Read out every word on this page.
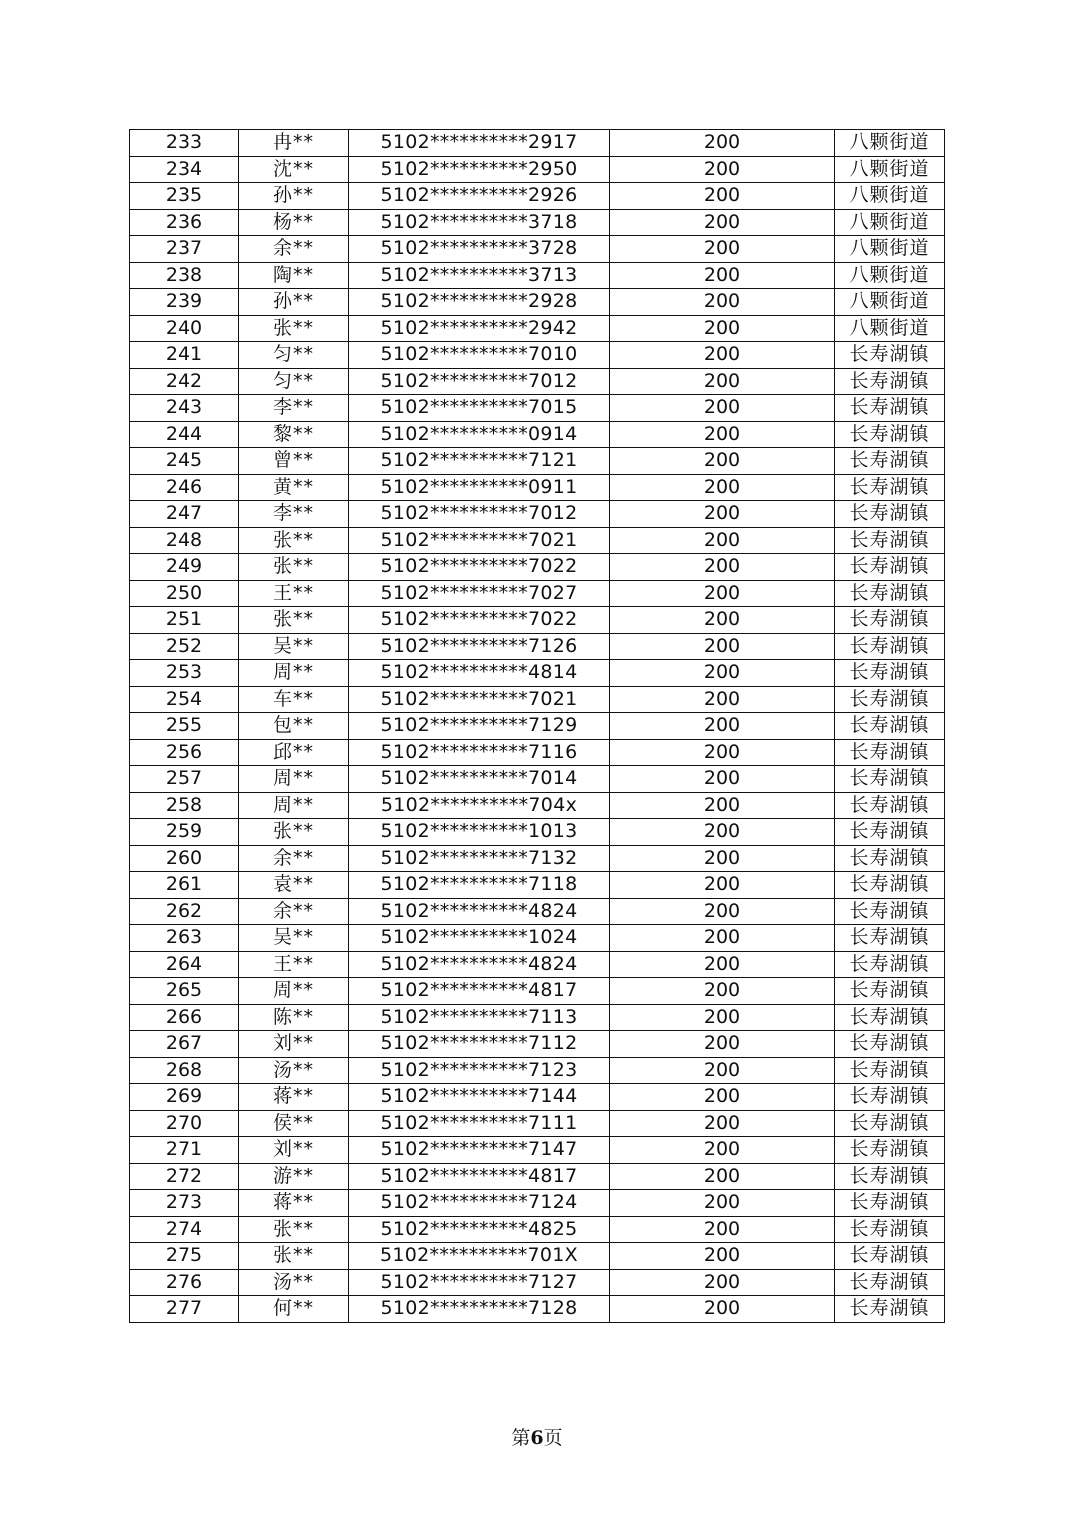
233	冉**	5102**********2917	200	八颗街道
234	沈**	5102**********2950	200	八颗街道
235	孙**	5102**********2926	200	八颗街道
236	杨**	5102**********3718	200	八颗街道
237	余**	5102**********3728	200	八颗街道
238	陶**	5102**********3713	200	八颗街道
239	孙**	5102**********2928	200	八颗街道
240	张**	5102**********2942	200	八颗街道
241	匀**	5102**********7010	200	长寿湖镇
242	匀**	5102**********7012	200	长寿湖镇
243	李**	5102**********7015	200	长寿湖镇
244	黎**	5102**********0914	200	长寿湖镇
245	曾**	5102**********7121	200	长寿湖镇
246	黄**	5102**********0911	200	长寿湖镇
247	李**	5102**********7012	200	长寿湖镇
248	张**	5102**********7021	200	长寿湖镇
249	张**	5102**********7022	200	长寿湖镇
250	王**	5102**********7027	200	长寿湖镇
251	张**	5102**********7022	200	长寿湖镇
252	吴**	5102**********7126	200	长寿湖镇
253	周**	5102**********4814	200	长寿湖镇
254	车**	5102**********7021	200	长寿湖镇
255	包**	5102**********7129	200	长寿湖镇
256	邱**	5102**********7116	200	长寿湖镇
257	周**	5102**********7014	200	长寿湖镇
258	周**	5102**********704x	200	长寿湖镇
259	张**	5102**********1013	200	长寿湖镇
260	余**	5102**********7132	200	长寿湖镇
261	袁**	5102**********7118	200	长寿湖镇
262	余**	5102**********4824	200	长寿湖镇
263	吴**	5102**********1024	200	长寿湖镇
264	王**	5102**********4824	200	长寿湖镇
265	周**	5102**********4817	200	长寿湖镇
266	陈**	5102**********7113	200	长寿湖镇
267	刘**	5102**********7112	200	长寿湖镇
268	汤**	5102**********7123	200	长寿湖镇
269	蒋**	5102**********7144	200	长寿湖镇
270	侯**	5102**********7111	200	长寿湖镇
271	刘**	5102**********7147	200	长寿湖镇
272	游**	5102**********4817	200	长寿湖镇
273	蒋**	5102**********7124	200	长寿湖镇
274	张**	5102**********4825	200	长寿湖镇
275	张**	5102**********701X	200	长寿湖镇
276	汤**	5102**********7127	200	长寿湖镇
277	何**	5102**********7128	200	长寿湖镇
第6页
